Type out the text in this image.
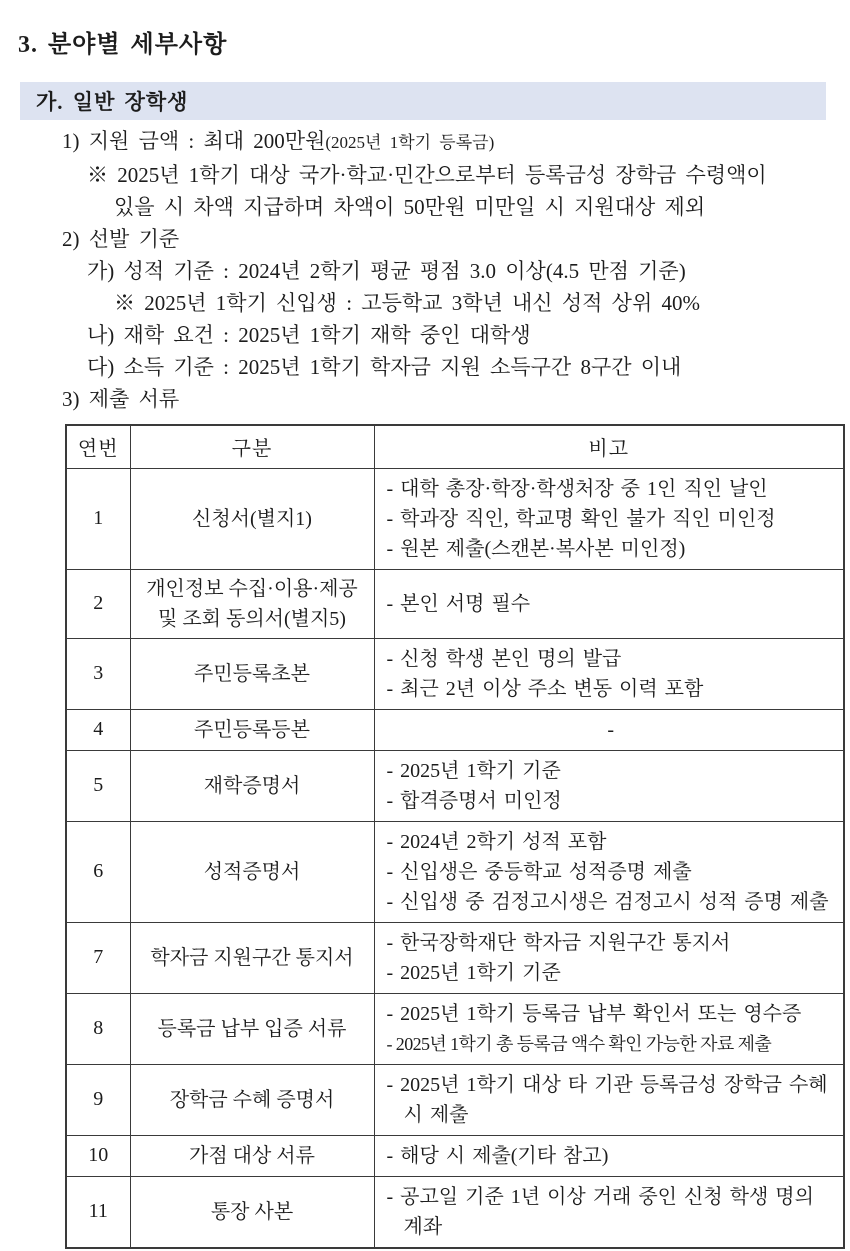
3. 분야별 세부사항
가. 일반 장학생
1) 지원 금액 : 최대 200만원(2025년 1학기 등록금)
※ 2025년 1학기 대상 국가·학교·민간으로부터 등록금성 장학금 수령액이
있을 시 차액 지급하며 차액이 50만원 미만일 시 지원대상 제외
2) 선발 기준
가) 성적 기준 : 2024년 2학기 평균 평점 3.0 이상(4.5 만점 기준)
※ 2025년 1학기 신입생 : 고등학교 3학년 내신 성적 상위 40%
나) 재학 요건 : 2025년 1학기 재학 중인 대학생
다) 소득 기준 : 2025년 1학기 학자금 지원 소득구간 8구간 이내
3) 제출 서류
연번	구분	비고
1	신청서(별지1)	- 대학 총장·학장·학생처장 중 1인 직인 날인
- 학과장 직인, 학교명 확인 불가 직인 미인정
- 원본 제출(스캔본·복사본 미인정)

2	개인정보 수집·이용·제공 및 조회 동의서(별지5)	- 본인 서명 필수

3	주민등록초본	- 신청 학생 본인 명의 발급
- 최근 2년 이상 주소 변동 이력 포함

4	주민등록등본	-

5	재학증명서	- 2025년 1학기 기준
- 합격증명서 미인정

6	성적증명서	- 2024년 2학기 성적 포함
- 신입생은 중등학교 성적증명 제출
- 신입생 중 검정고시생은 검정고시 성적 증명 제출

7	학자금 지원구간 통지서	- 한국장학재단 학자금 지원구간 통지서
- 2025년 1학기 기준

8	등록금 납부 입증 서류	- 2025년 1학기 등록금 납부 확인서 또는 영수증
- 2025년 1학기 총 등록금 액수 확인 가능한 자료 제출

9	장학금 수혜 증명서	- 2025년 1학기 대상 타 기관 등록금성 장학금 수혜 시 제출

10	가점 대상 서류	- 해당 시 제출(기타 참고)

11	통장 사본	- 공고일 기준 1년 이상 거래 중인 신청 학생 명의 계좌
